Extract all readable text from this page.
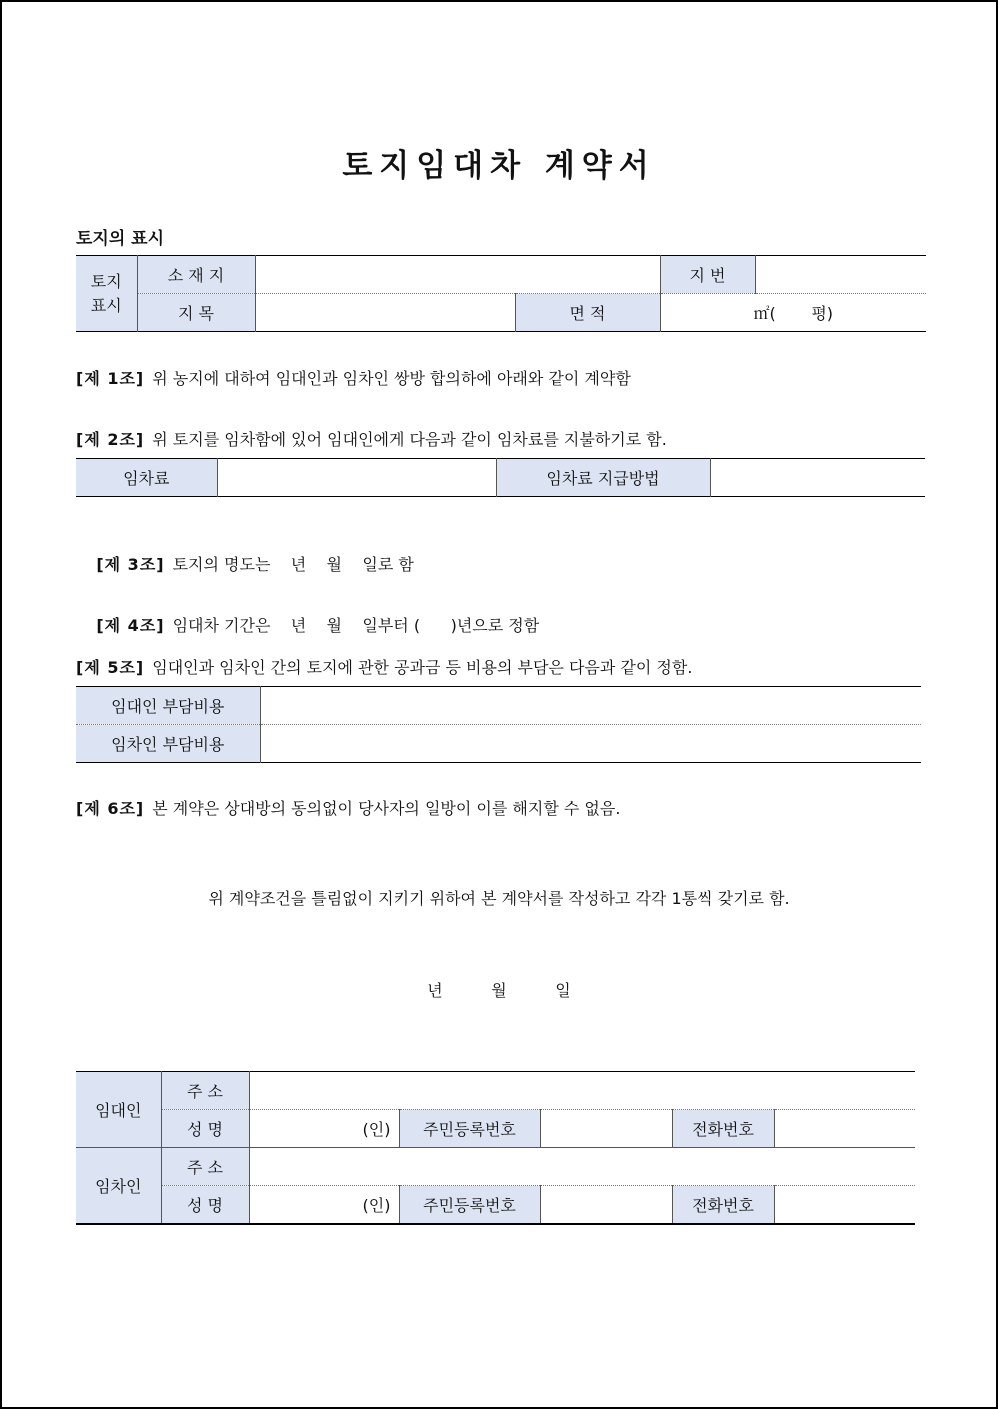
토지임대차 계약서
토지의 표시
토지
표시	소 재 지			지 번	
	지 목		면 적	㎡(       평)	
[제 1조] 위 농지에 대하여 임대인과 임차인 쌍방 합의하에 아래와 같이 계약함
[제 2조] 위 토지를 임차함에 있어 임대인에게 다음과 같이 임차료를 지불하기로 함.
임차료		임차료 지급방법	

[제 3조] 토지의 명도는    년    월    일로 함

[제 4조] 임대차 기간은    년    월    일부터 (      )년으로 정함

[제 5조] 임대인과 임차인 간의 토지에 관한 공과금 등 비용의 부담은 다음과 같이 정함.
임대인 부담비용	
임차인 부담비용	
[제 6조] 본 계약은 상대방의 동의없이 당사자의 일방이 이를 해지할 수 없음.
위 계약조건을 틀림없이 지키기 위하여 본 계약서를 작성하고 각각 1통씩 갖기로 함.
년	월	일
임대인	주 소					
	성 명	(인)	주민등록번호		전화번호	
임차인	주 소					
	성 명	(인)	주민등록번호		전화번호	
